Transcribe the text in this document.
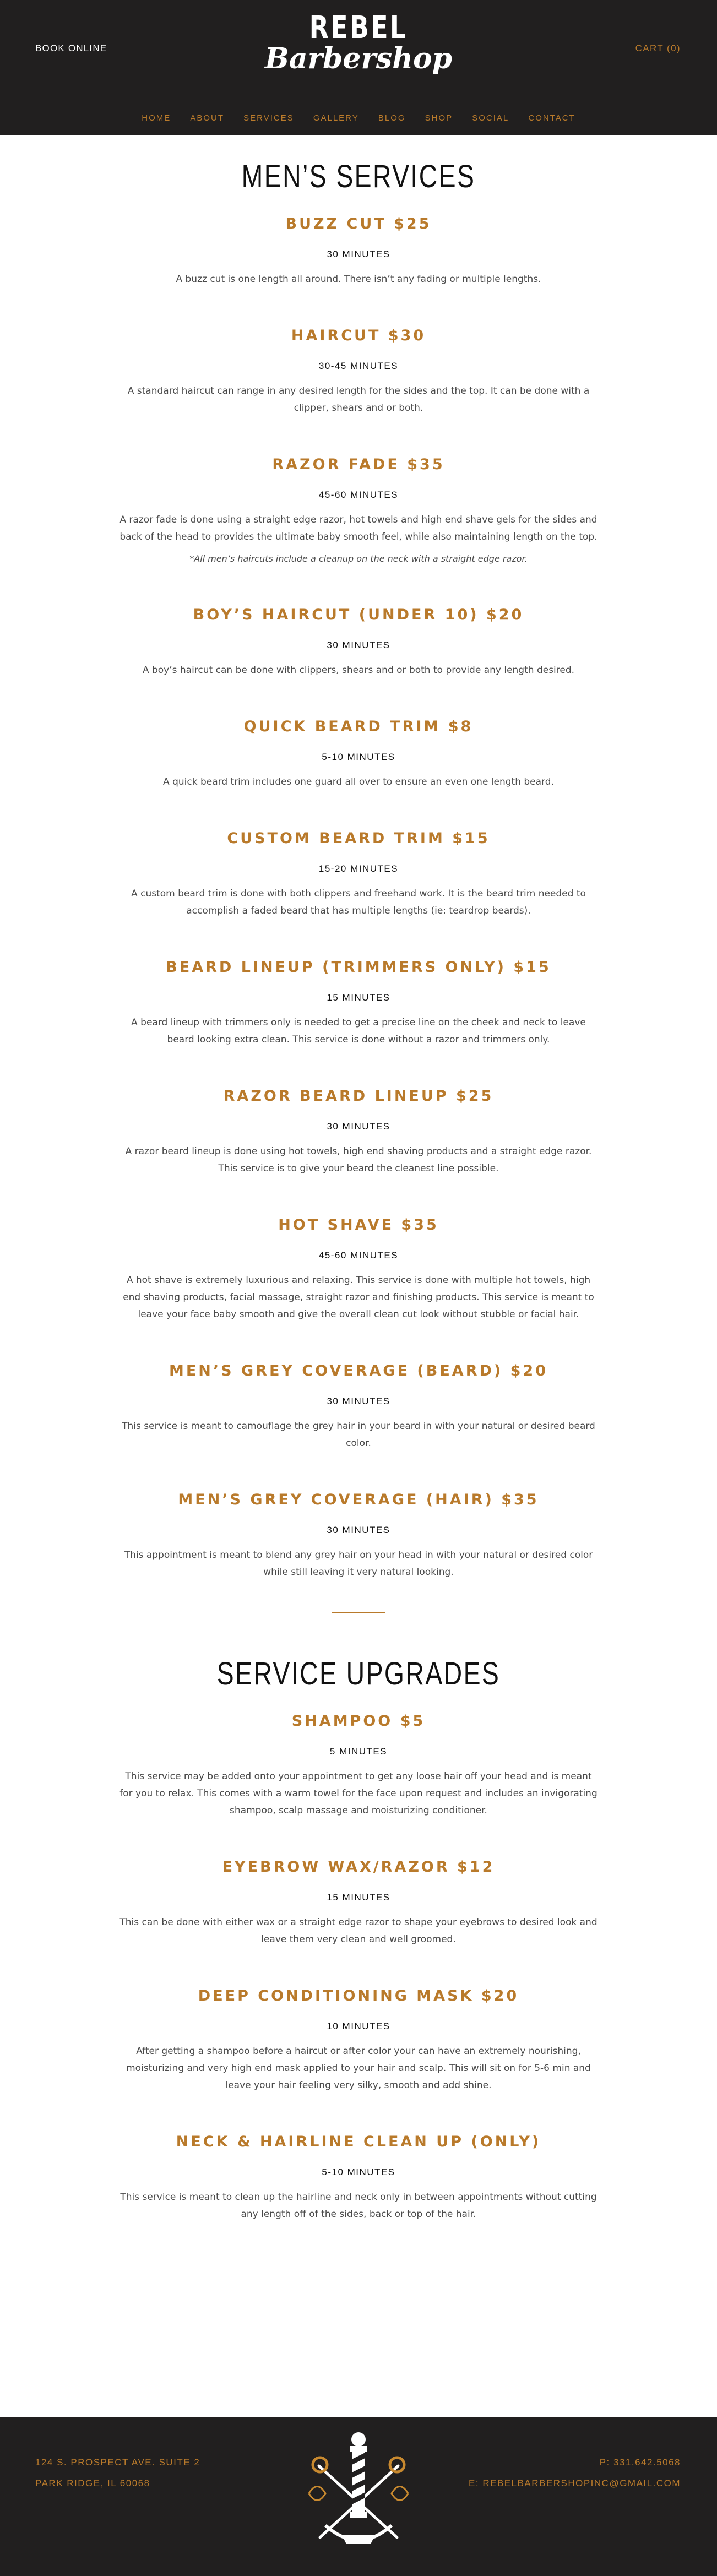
BOOK ONLINE
REBEL
Barbershop	CART (0)
HOME ABOUT SERVICES GALLERY BLOG SHOP SOCIAL CONTACT
MEN’S SERVICES
BUZZ CUT $25
30 MINUTES

A buzz cut is one length all around. There isn’t any fading or multiple lengths.

HAIRCUT $30
30-45 MINUTES

A standard haircut can range in any desired length for the sides and the top. It can be done with a clipper, shears and or both.

RAZOR FADE $35
45-60 MINUTES

A razor fade is done using a straight edge razor, hot towels and high end shave gels for the sides and back of the head to provides the ultimate baby smooth feel, while also maintaining length on the top.

*All men’s haircuts include a cleanup on the neck with a straight edge razor.
BOY’S HAIRCUT (UNDER 10) $20
30 MINUTES

A boy’s haircut can be done with clippers, shears and or both to provide any length desired.

QUICK BEARD TRIM $8
5-10 MINUTES

A quick beard trim includes one guard all over to ensure an even one length beard.

CUSTOM BEARD TRIM $15
15-20 MINUTES

A custom beard trim is done with both clippers and freehand work. It is the beard trim needed to accomplish a faded beard that has multiple lengths (ie: teardrop beards).

BEARD LINEUP (TRIMMERS ONLY) $15
15 MINUTES

A beard lineup with trimmers only is needed to get a precise line on the cheek and neck to leave beard looking extra clean. This service is done without a razor and trimmers only.

RAZOR BEARD LINEUP $25
30 MINUTES

A razor beard lineup is done using hot towels, high end shaving products and a straight edge razor. This service is to give your beard the cleanest line possible.

HOT SHAVE $35
45-60 MINUTES

A hot shave is extremely luxurious and relaxing. This service is done with multiple hot towels, high end shaving products, facial massage, straight razor and finishing products. This service is meant to leave your face baby smooth and give the overall clean cut look without stubble or facial hair.

MEN’S GREY COVERAGE (BEARD) $20
30 MINUTES

This service is meant to camouflage the grey hair in your beard in with your natural or desired beard color.

MEN’S GREY COVERAGE (HAIR) $35
30 MINUTES

This appointment is meant to blend any grey hair on your head in with your natural or desired color while still leaving it very natural looking.

SERVICE UPGRADES
SHAMPOO $5
5 MINUTES

This service may be added onto your appointment to get any loose hair off your head and is meant for you to relax. This comes with a warm towel for the face upon request and includes an invigorating shampoo, scalp massage and moisturizing conditioner.

EYEBROW WAX/RAZOR $12
15 MINUTES

This can be done with either wax or a straight edge razor to shape your eyebrows to desired look and leave them very clean and well groomed.

DEEP CONDITIONING MASK $20
10 MINUTES

After getting a shampoo before a haircut or after color your can have an extremely nourishing, moisturizing and very high end mask applied to your hair and scalp. This will sit on for 5-6 min and leave your hair feeling very silky, smooth and add shine.

NECK & HAIRLINE CLEAN UP (ONLY)
5-10 MINUTES

This service is meant to clean up the hairline and neck only in between appointments without cutting any length off of the sides, back or top of the hair.

124 S. PROSPECT AVE. SUITE 2
PARK RIDGE, IL 60068
P: 331.642.5068
E: REBELBARBERSHOPINC@GMAIL.COM
